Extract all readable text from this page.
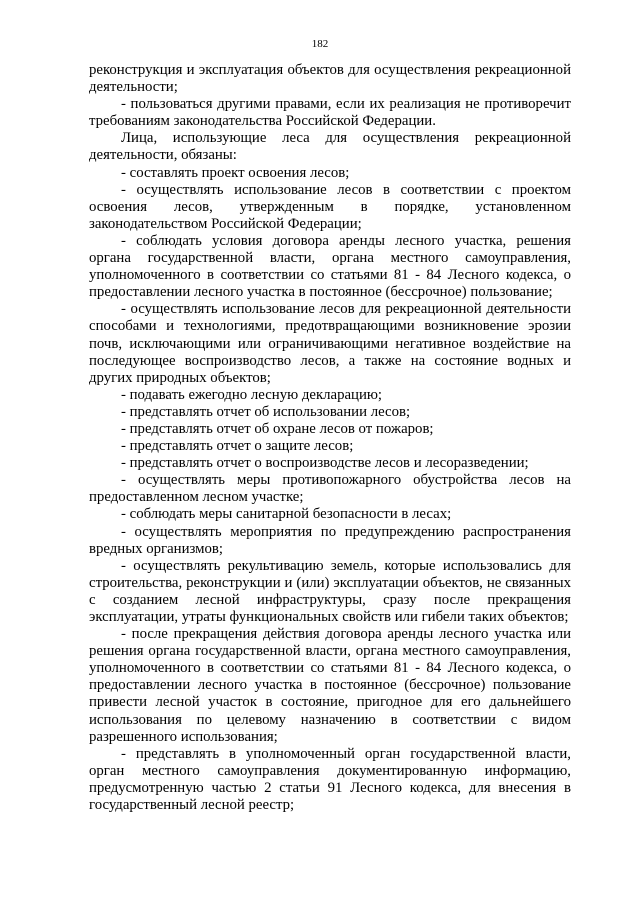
182

реконструкция и эксплуатация объектов для осуществления рекреационной деятельности;

- пользоваться другими правами, если их реализация не противоречит требованиям законодательства Российской Федерации.

Лица, использующие леса для осуществления рекреационной деятельности, обязаны:

- составлять проект освоения лесов;

- осуществлять использование лесов в соответствии с проектом освоения лесов, утвержденным в порядке, установленном законодательством Российской Федерации;

- соблюдать условия договора аренды лесного участка, решения органа государственной власти, органа местного самоуправления, уполномоченного в соответствии со статьями 81 - 84 Лесного кодекса, о предоставлении лесного участка в постоянное (бессрочное) пользование;

- осуществлять использование лесов для рекреационной деятельности способами и технологиями, предотвращающими возникновение эрозии почв, исключающими или ограничивающими негативное воздействие на последующее воспроизводство лесов, а также на состояние водных и других природных объектов;

- подавать ежегодно лесную декларацию;

- представлять отчет об использовании лесов;

- представлять отчет об охране лесов от пожаров;

- представлять отчет о защите лесов;

- представлять отчет о воспроизводстве лесов и лесоразведении;

- осуществлять меры противопожарного обустройства лесов на предоставленном лесном участке;

- соблюдать меры санитарной безопасности в лесах;

- осуществлять мероприятия по предупреждению распространения вредных организмов;

- осуществлять рекультивацию земель, которые использовались для строительства, реконструкции и (или) эксплуатации объектов, не связанных с созданием лесной инфраструктуры, сразу после прекращения эксплуатации, утраты функциональных свойств или гибели таких объектов;

- после прекращения действия договора аренды лесного участка или решения органа государственной власти, органа местного самоуправления, уполномоченного в соответствии со статьями 81 - 84 Лесного кодекса, о предоставлении лесного участка в постоянное (бессрочное) пользование привести лесной участок в состояние, пригодное для его дальнейшего использования по целевому назначению в соответствии с видом разрешенного использования;

- представлять в уполномоченный орган государственной власти, орган местного самоуправления документированную информацию, предусмотренную частью 2 статьи 91 Лесного кодекса, для внесения в государственный лесной реестр;
